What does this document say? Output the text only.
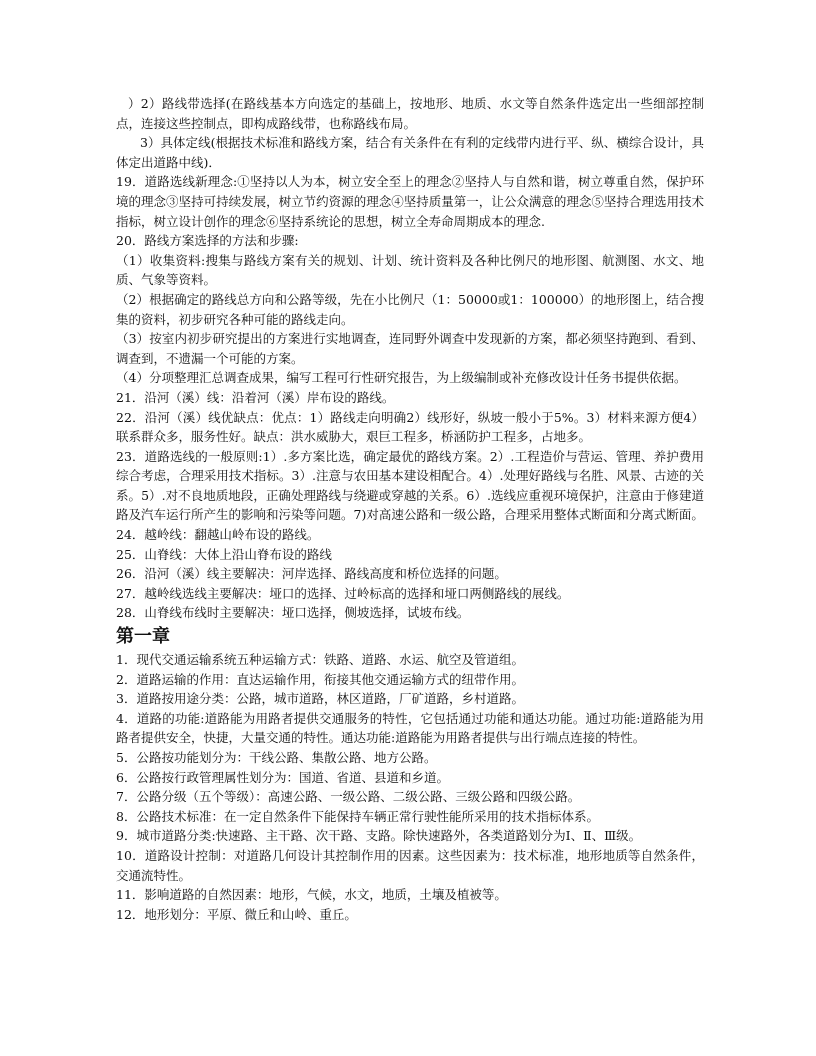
）2）路线带选择(在路线基本方向选定的基础上，按地形、地质、水文等自然条件选定出一些细部控制点，连接这些控制点，即构成路线带，也称路线布局。

3）具体定线(根据技术标准和路线方案，结合有关条件在有利的定线带内进行平、纵、横综合设计，具体定出道路中线)．

19．道路选线新理念:①坚持以人为本，树立安全至上的理念②坚持人与自然和谐，树立尊重自然，保护环境的理念③坚持可持续发展，树立节约资源的理念④坚持质量第一，让公众满意的理念⑤坚持合理选用技术指标，树立设计创作的理念⑥坚持系统论的思想，树立全寿命周期成本的理念.

20．路线方案选择的方法和步骤:

（1）收集资料:搜集与路线方案有关的规划、计划、统计资料及各种比例尺的地形图、航测图、水文、地质、气象等资料。

（2）根据确定的路线总方向和公路等级，先在小比例尺（1：50000或1：100000）的地形图上，结合搜集的资料，初步研究各种可能的路线走向。

（3）按室内初步研究提出的方案进行实地调查，连同野外调查中发现新的方案，都必须坚持跑到、看到、调查到，不遗漏一个可能的方案。

（4）分项整理汇总调查成果，编写工程可行性研究报告，为上级编制或补充修改设计任务书提供依据。

21．沿河（溪）线：沿着河（溪）岸布设的路线。

22．沿河（溪）线优缺点：优点：1）路线走向明确2）线形好，纵坡一般小于5%。3）材料来源方便4）联系群众多，服务性好。缺点：洪水威胁大，艰巨工程多，桥涵防护工程多，占地多。

23．道路选线的一般原则:1）.多方案比选，确定最优的路线方案。2）.工程造价与营运、管理、养护费用综合考虑，合理采用技术指标。3）.注意与农田基本建设相配合。4）.处理好路线与名胜、风景、古迹的关系。5）.对不良地质地段，正确处理路线与绕避或穿越的关系。6）.选线应重视环境保护，注意由于修建道路及汽车运行所产生的影响和污染等问题。7)对高速公路和一级公路，合理采用整体式断面和分离式断面。

24．越岭线：翻越山岭布设的路线。

25．山脊线：大体上沿山脊布设的路线

26．沿河（溪）线主要解决：河岸选择、路线高度和桥位选择的问题。

27．越岭线选线主要解决：垭口的选择、过岭标高的选择和垭口两侧路线的展线。

28．山脊线布线时主要解决：垭口选择，侧坡选择，试坡布线。

第一章

1．现代交通运输系统五种运输方式：铁路、道路、水运、航空及管道组。

2．道路运输的作用：直达运输作用，衔接其他交通运输方式的纽带作用。

3．道路按用途分类：公路，城市道路，林区道路，厂矿道路，乡村道路。

4．道路的功能:道路能为用路者提供交通服务的特性，它包括通过功能和通达功能。通过功能:道路能为用路者提供安全，快捷，大量交通的特性。通达功能:道路能为用路者提供与出行端点连接的特性。

5．公路按功能划分为：干线公路、集散公路、地方公路。

6．公路按行政管理属性划分为：国道、省道、县道和乡道。

7．公路分级（五个等级）：高速公路、一级公路、二级公路、三级公路和四级公路。

8．公路技术标准：在一定自然条件下能保持车辆正常行驶性能所采用的技术指标体系。

9．城市道路分类:快速路、主干路、次干路、支路。除快速路外，各类道路划分为Ⅰ、Ⅱ、Ⅲ级。

10．道路设计控制：对道路几何设计其控制作用的因素。这些因素为：技术标准，地形地质等自然条件，交通流特性。

11．影响道路的自然因素：地形，气候，水文，地质，土壤及植被等。

12．地形划分：平原、微丘和山岭、重丘。
